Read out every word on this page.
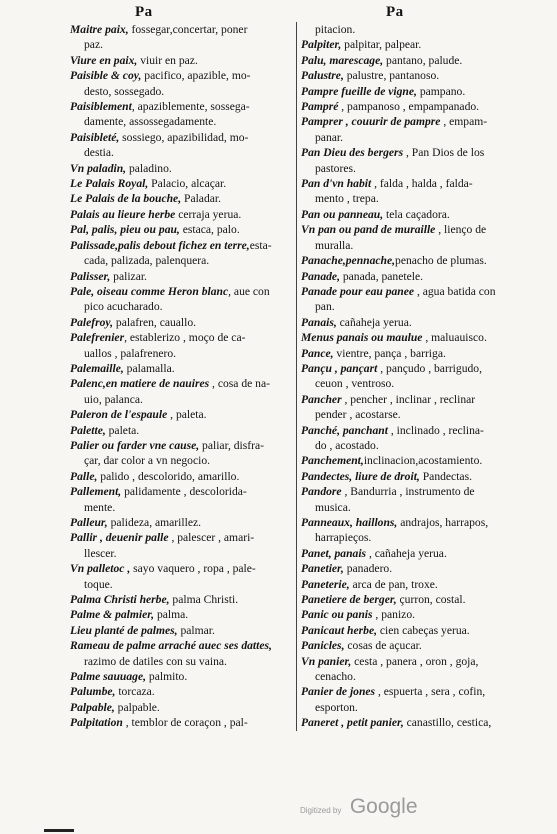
Pa	Pa
Maitre paix, fossegar,concertar, poner
paz.
Viure en paix, viuir en paz.
Paisible & coy, pacifico, apazible, mo-
desto, sossegado.
Paisiblement, apaziblemente, sossega-
damente, assossegadamente.
Paisibleté, sossiego, apazibilidad, mo-
destia.
Vn paladin, paladino.
Le Palais Royal, Palacio, alcaçar.
Le Palais de la bouche, Paladar.
Palais au lieure herbe cerraja yerua.
Pal, palis, pieu ou pau, estaca, palo.
Palissade,palis debout fichez en terre,esta-
cada, palizada, palenquera.
Palisser, palizar.
Pale, oiseau comme Heron blanc, aue con
pico acucharado.
Palefroy, palafren, cauallo.
Palefrenier, establerizo , moço de ca-
uallos , palafrenero.
Palemaille, palamalla.
Palenc,en matiere de nauires , cosa de na-
uio, palanca.
Paleron de l'espaule , paleta.
Palette, paleta.
Palier ou farder vne cause, paliar, disfra-
çar, dar color a vn negocio.
Palle, palido , descolorido, amarillo.
Pallement, palidamente , descolorida-
mente.
Palleur, palideza, amarillez.
Pallir , deuenir palle , palescer , amari-
llescer.
Vn palletoc , sayo vaquero , ropa , pale-
toque.
Palma Christi herbe, palma Christi.
Palme & palmier, palma.
Lieu planté de palmes, palmar.
Rameau de palme arraché auec ses dattes,
razimo de datiles con su vaina.
Palme sauuage, palmito.
Palumbe, torcaza.
Palpable, palpable.
Palpitation , temblor de coraçon , pal-
pitacion.
Palpiter, palpitar, palpear.
Palu, marescage, pantano, palude.
Palustre, palustre, pantanoso.
Pampre fueille de vigne, pampano.
Pampré , pampanoso , empampanado.
Pamprer , couurir de pampre , empam-
panar.
Pan Dieu des bergers , Pan Dios de los
pastores.
Pan d'vn habit , falda , halda , falda-
mento , trepa.
Pan ou panneau, tela caçadora.
Vn pan ou pand de muraille , lienço de
muralla.
Panache,pennache,penacho de plumas.
Panade, panada, panetele.
Panade pour eau panee , agua batida con
pan.
Panais, cañaheja yerua.
Menus panais ou maulue , maluauisco.
Pance, vientre, pança , barriga.
Pançu , pançart , pançudo , barrigudo,
ceuon , ventroso.
Pancher , pencher , inclinar , reclinar
pender , acostarse.
Panché, panchant , inclinado , reclina-
do , acostado.
Panchement,inclinacion,acostamiento.
Pandectes, liure de droit, Pandectas.
Pandore , Bandurria , instrumento de
musica.
Panneaux, haillons, andrajos, harrapos,
harrapieços.
Panet, panais , cañaheja yerua.
Panetier, panadero.
Paneterie, arca de pan, troxe.
Panetiere de berger, çurron, costal.
Panic ou panis , panizo.
Panicaut herbe, cien cabeças yerua.
Panicles, cosas de açucar.
Vn panier, cesta , panera , oron , goja,
cenacho.
Panier de jones , espuerta , sera , cofin,
esporton.
Paneret , petit panier, canastillo, cestica,
Digitized by Google
